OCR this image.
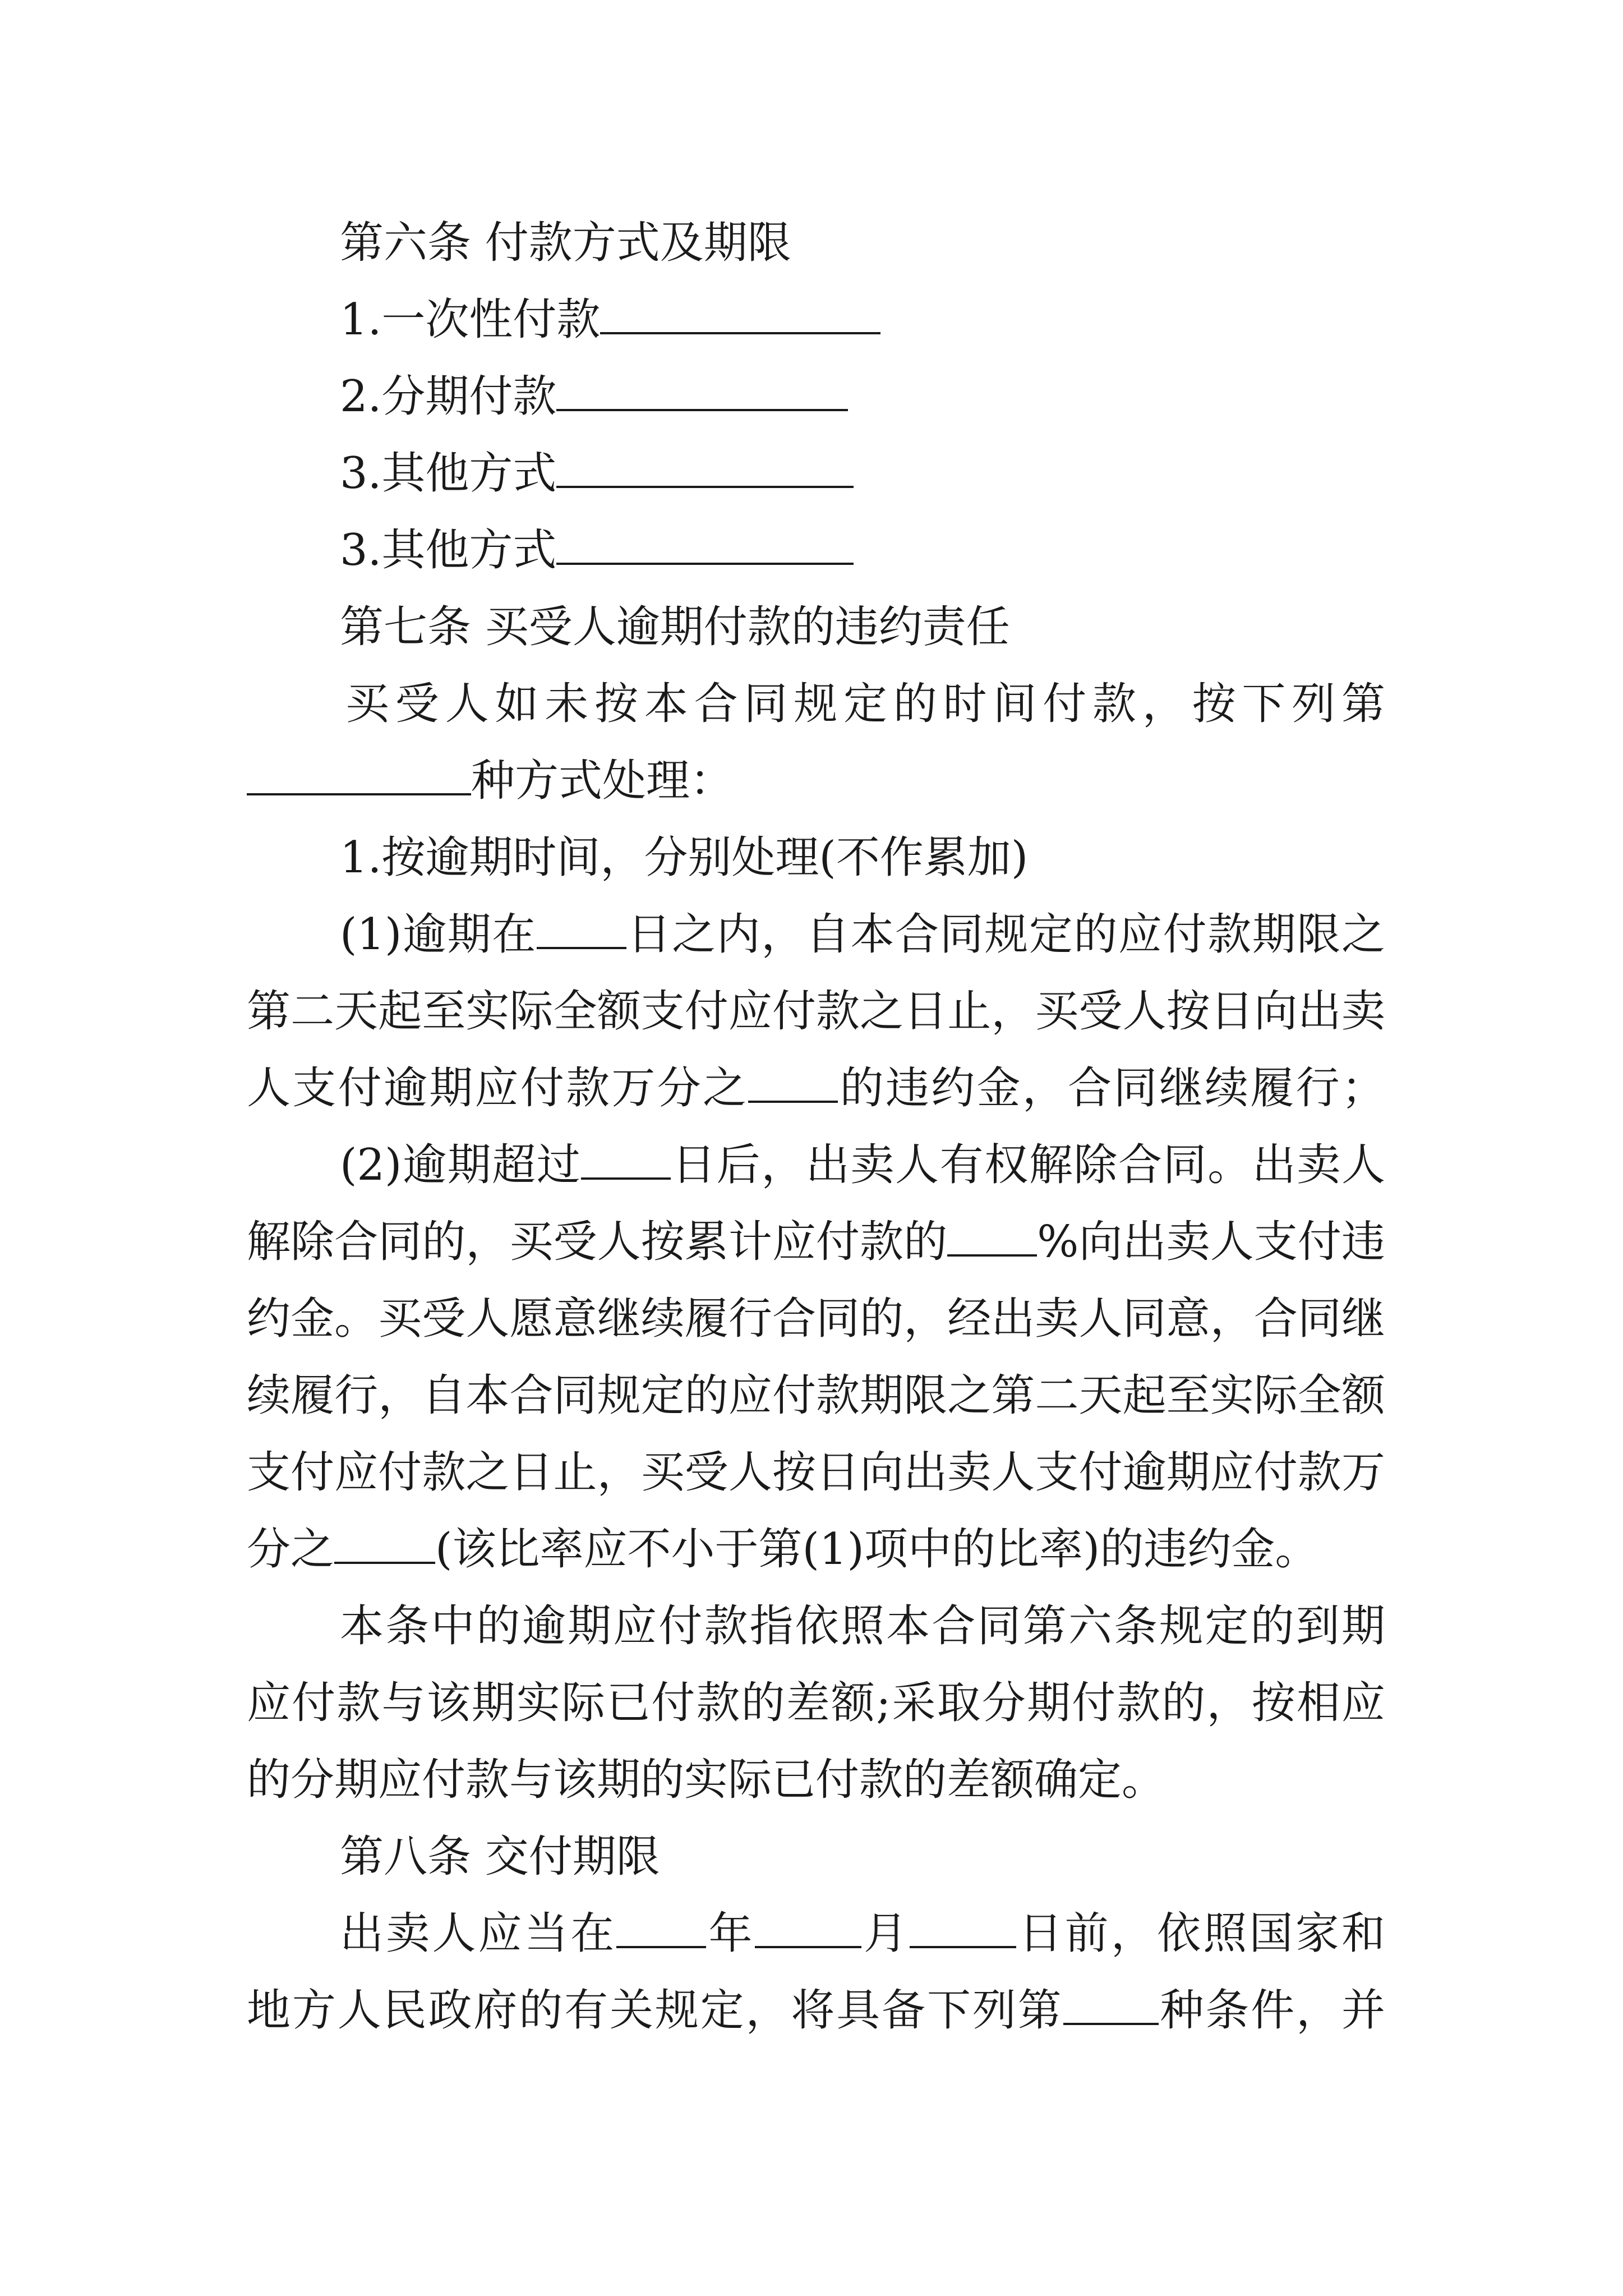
第六条 付款方式及期限
1.一次性付款
2.分期付款
3.其他方式
3.其他方式
第七条 买受人逾期付款的违约责任
买受人如未按本合同规定的时间付款，按下列第
种方式处理：
1.按逾期时间，分别处理(不作累加)
(1)逾期在 日之内，自本合同规定的应付款期限之
第二天起至实际全额支付应付款之日止，买受人按日向出卖
人支付逾期应付款万分之 的违约金，合同继续履行；
(2)逾期超过 日后，出卖人有权解除合同。出卖人
解除合同的，买受人按累计应付款的 %向出卖人支付违
约金。买受人愿意继续履行合同的，经出卖人同意，合同继
续履行，自本合同规定的应付款期限之第二天起至实际全额
支付应付款之日止，买受人按日向出卖人支付逾期应付款万
分之 (该比率应不小于第(1)项中的比率)的违约金。
本条中的逾期应付款指依照本合同第六条规定的到期
应付款与该期实际已付款的差额;采取分期付款的，按相应
的分期应付款与该期的实际已付款的差额确定。
第八条 交付期限
出卖人应当在 年 月 日前，依照国家和
地方人民政府的有关规定，将具备下列第 种条件，并
